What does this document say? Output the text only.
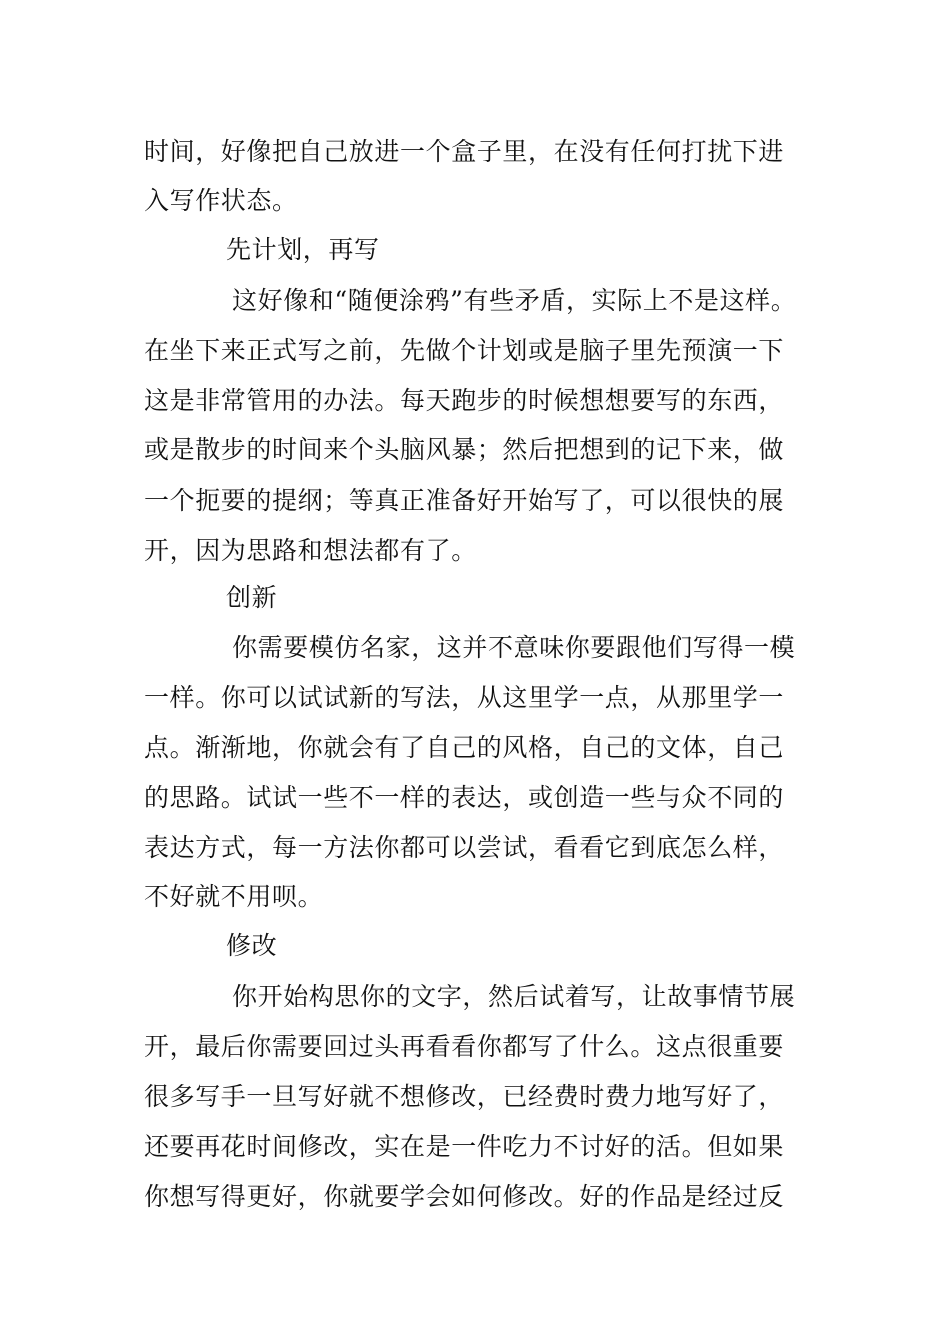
时间，好像把自己放进一个盒子里，在没有任何打扰下进
入写作状态。
先计划，再写
这好像和“随便涂鸦”有些矛盾，实际上不是这样。
在坐下来正式写之前，先做个计划或是脑子里先预演一下
这是非常管用的办法。每天跑步的时候想想要写的东西，
或是散步的时间来个头脑风暴；然后把想到的记下来，做
一个扼要的提纲；等真正准备好开始写了，可以很快的展
开，因为思路和想法都有了。
创新
你需要模仿名家，这并不意味你要跟他们写得一模
一样。你可以试试新的写法，从这里学一点，从那里学一
点。渐渐地，你就会有了自己的风格，自己的文体，自己
的思路。试试一些不一样的表达，或创造一些与众不同的
表达方式，每一方法你都可以尝试，看看它到底怎么样，
不好就不用呗。
修改
你开始构思你的文字，然后试着写，让故事情节展
开，最后你需要回过头再看看你都写了什么。这点很重要
很多写手一旦写好就不想修改，已经费时费力地写好了，
还要再花时间修改，实在是一件吃力不讨好的活。但如果
你想写得更好，你就要学会如何修改。好的作品是经过反
